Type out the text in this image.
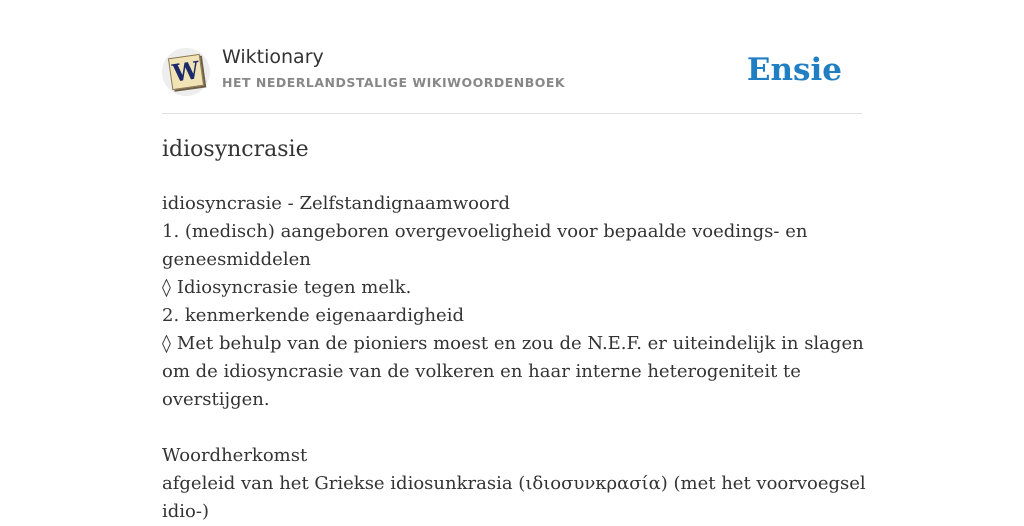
W Wiktionary
HET NEDERLANDSTALIGE WIKIWOORDENBOEK	Ensie
idiosyncrasie
idiosyncrasie - Zelfstandignaamwoord
1. (medisch) aangeboren overgevoeligheid voor bepaalde voedings- en geneesmiddelen
◊ Idiosyncrasie tegen melk.
2. kenmerkende eigenaardigheid
◊ Met behulp van de pioniers moest en zou de N.E.F. er uiteindelijk in slagen om de idiosyncrasie van de volkeren en haar interne heterogeniteit te overstijgen.
Woordherkomst
afgeleid van het Griekse idiosunkrasia (ιδιοσυνκρασία) (met het voorvoegsel idio-)
